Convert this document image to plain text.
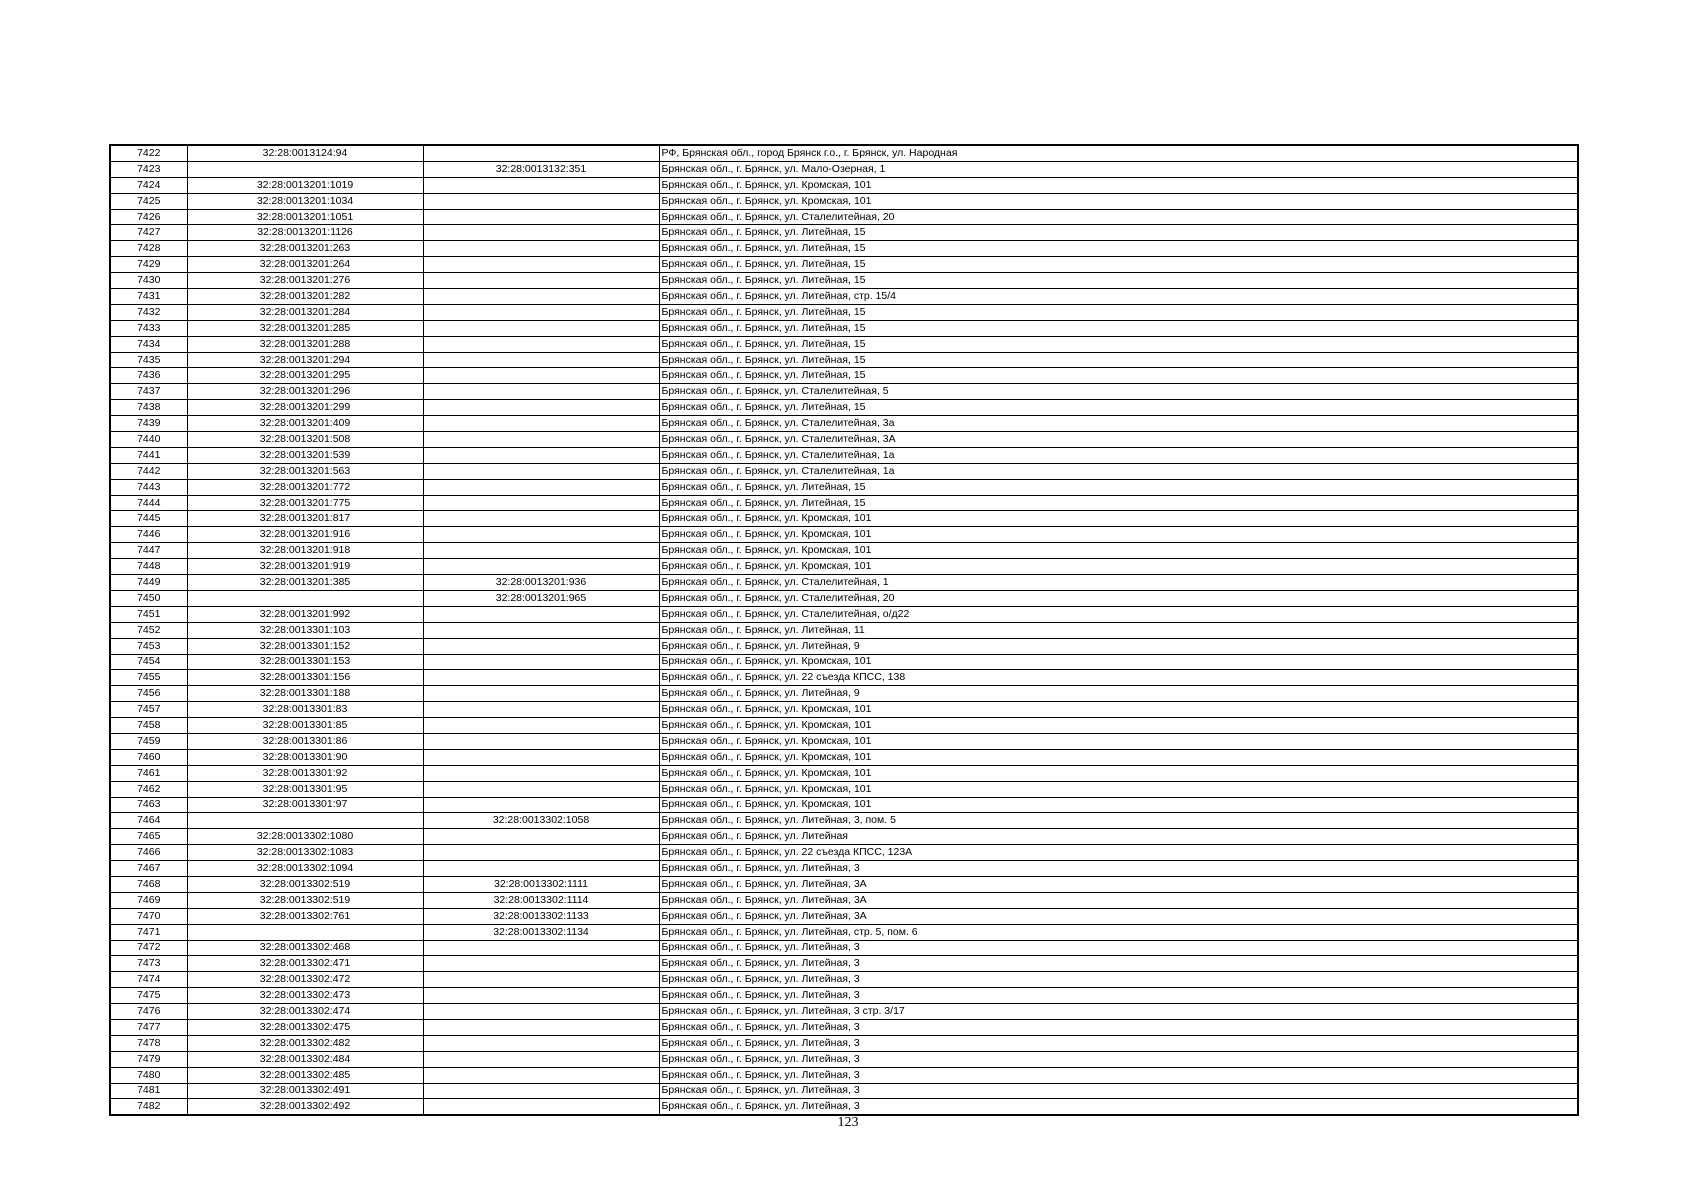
7422	32:28:0013124:94		РФ, Брянская обл., город Брянск г.о., г. Брянск, ул. Народная
7423		32:28:0013132:351	Брянская обл., г. Брянск, ул. Мало-Озерная, 1
7424	32:28:0013201:1019		Брянская обл., г. Брянск, ул. Кромская, 101
7425	32:28:0013201:1034		Брянская обл., г. Брянск, ул. Кромская, 101
7426	32:28:0013201:1051		Брянская обл., г. Брянск, ул. Сталелитейная, 20
7427	32:28:0013201:1126		Брянская обл., г. Брянск, ул. Литейная, 15
7428	32:28:0013201:263		Брянская обл., г. Брянск, ул. Литейная, 15
7429	32:28:0013201:264		Брянская обл., г. Брянск, ул. Литейная, 15
7430	32:28:0013201:276		Брянская обл., г. Брянск, ул. Литейная, 15
7431	32:28:0013201:282		Брянская обл., г. Брянск, ул. Литейная, стр. 15/4
7432	32:28:0013201:284		Брянская обл., г. Брянск, ул. Литейная, 15
7433	32:28:0013201:285		Брянская обл., г. Брянск, ул. Литейная, 15
7434	32:28:0013201:288		Брянская обл., г. Брянск, ул. Литейная, 15
7435	32:28:0013201:294		Брянская обл., г. Брянск, ул. Литейная, 15
7436	32:28:0013201:295		Брянская обл., г. Брянск, ул. Литейная, 15
7437	32:28:0013201:296		Брянская обл., г. Брянск, ул. Сталелитейная, 5
7438	32:28:0013201:299		Брянская обл., г. Брянск, ул. Литейная, 15
7439	32:28:0013201:409		Брянская обл., г. Брянск, ул. Сталелитейная, 3а
7440	32:28:0013201:508		Брянская обл., г. Брянск, ул. Сталелитейная, 3А
7441	32:28:0013201:539		Брянская обл., г. Брянск, ул. Сталелитейная, 1а
7442	32:28:0013201:563		Брянская обл., г. Брянск, ул. Сталелитейная, 1а
7443	32:28:0013201:772		Брянская обл., г. Брянск, ул. Литейная, 15
7444	32:28:0013201:775		Брянская обл., г. Брянск, ул. Литейная, 15
7445	32:28:0013201:817		Брянская обл., г. Брянск, ул. Кромская, 101
7446	32:28:0013201:916		Брянская обл., г. Брянск, ул. Кромская, 101
7447	32:28:0013201:918		Брянская обл., г. Брянск, ул. Кромская, 101
7448	32:28:0013201:919		Брянская обл., г. Брянск, ул. Кромская, 101
7449	32:28:0013201:385	32:28:0013201:936	Брянская обл., г. Брянск, ул. Сталелитейная, 1
7450		32:28:0013201:965	Брянская обл., г. Брянск, ул. Сталелитейная, 20
7451	32:28:0013201:992		Брянская обл., г. Брянск, ул. Сталелитейная, о/д22
7452	32:28:0013301:103		Брянская обл., г. Брянск, ул. Литейная, 11
7453	32:28:0013301:152		Брянская обл., г. Брянск, ул. Литейная, 9
7454	32:28:0013301:153		Брянская обл., г. Брянск, ул. Кромская, 101
7455	32:28:0013301:156		Брянская обл., г. Брянск, ул. 22 съезда КПСС, 138
7456	32:28:0013301:188		Брянская обл., г. Брянск, ул. Литейная, 9
7457	32:28:0013301:83		Брянская обл., г. Брянск, ул. Кромская, 101
7458	32:28:0013301:85		Брянская обл., г. Брянск, ул. Кромская, 101
7459	32:28:0013301:86		Брянская обл., г. Брянск, ул. Кромская, 101
7460	32:28:0013301:90		Брянская обл., г. Брянск, ул. Кромская, 101
7461	32:28:0013301:92		Брянская обл., г. Брянск, ул. Кромская, 101
7462	32:28:0013301:95		Брянская обл., г. Брянск, ул. Кромская, 101
7463	32:28:0013301:97		Брянская обл., г. Брянск, ул. Кромская, 101
7464		32:28:0013302:1058	Брянская обл., г. Брянск, ул. Литейная, 3, пом. 5
7465	32:28:0013302:1080		Брянская обл., г. Брянск, ул. Литейная
7466	32:28:0013302:1083		Брянская обл., г. Брянск, ул. 22 съезда КПСС, 123А
7467	32:28:0013302:1094		Брянская обл., г. Брянск, ул. Литейная, 3
7468	32:28:0013302:519	32:28:0013302:1111	Брянская обл., г. Брянск, ул. Литейная, 3А
7469	32:28:0013302:519	32:28:0013302:1114	Брянская обл., г. Брянск, ул. Литейная, 3А
7470	32:28:0013302:761	32:28:0013302:1133	Брянская обл., г. Брянск, ул. Литейная, 3А
7471		32:28:0013302:1134	Брянская обл., г. Брянск, ул. Литейная, стр. 5, пом. 6
7472	32:28:0013302:468		Брянская обл., г. Брянск, ул. Литейная, 3
7473	32:28:0013302:471		Брянская обл., г. Брянск, ул. Литейная, 3
7474	32:28:0013302:472		Брянская обл., г. Брянск, ул. Литейная, 3
7475	32:28:0013302:473		Брянская обл., г. Брянск, ул. Литейная, 3
7476	32:28:0013302:474		Брянская обл., г. Брянск, ул. Литейная, 3 стр. 3/17
7477	32:28:0013302:475		Брянская обл., г. Брянск, ул. Литейная, 3
7478	32:28:0013302:482		Брянская обл., г. Брянск, ул. Литейная, 3
7479	32:28:0013302:484		Брянская обл., г. Брянск, ул. Литейная, 3
7480	32:28:0013302:485		Брянская обл., г. Брянск, ул. Литейная, 3
7481	32:28:0013302:491		Брянская обл., г. Брянск, ул. Литейная, 3
7482	32:28:0013302:492		Брянская обл., г. Брянск, ул. Литейная, 3
123
